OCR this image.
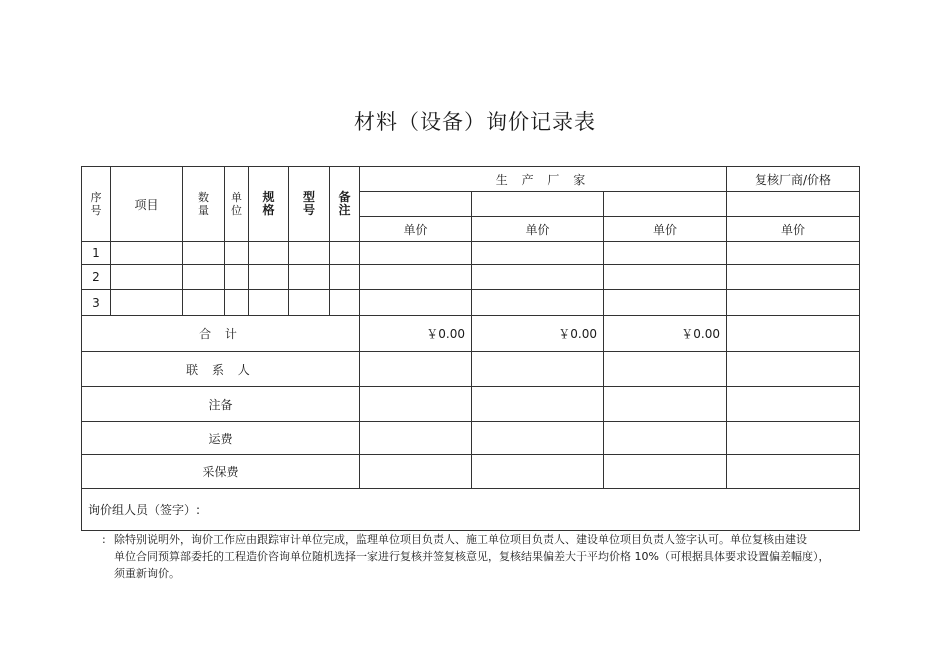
材料（设备）询价记录表
序号	项目	数量	单位	规格	型号	备注	生 产 厂 家			复核厂商/价格

							单价	单价	单价	单价
1										
2										
3										
合 计							￥0.00	￥0.00	￥0.00	
联 系 人										
注备										
运费										
采保费										
询价组人员（签字）:										
: 除特别说明外，询价工作应由跟踪审计单位完成，监理单位项目负责人、施工单位项目负责人、建设单位项目负责人签字认可。单位复核由建设
单位合同预算部委托的工程造价咨询单位随机选择一家进行复核并签复核意见，复核结果偏差大于平均价格 10%（可根据具体要求设置偏差幅度），
须重新询价。
